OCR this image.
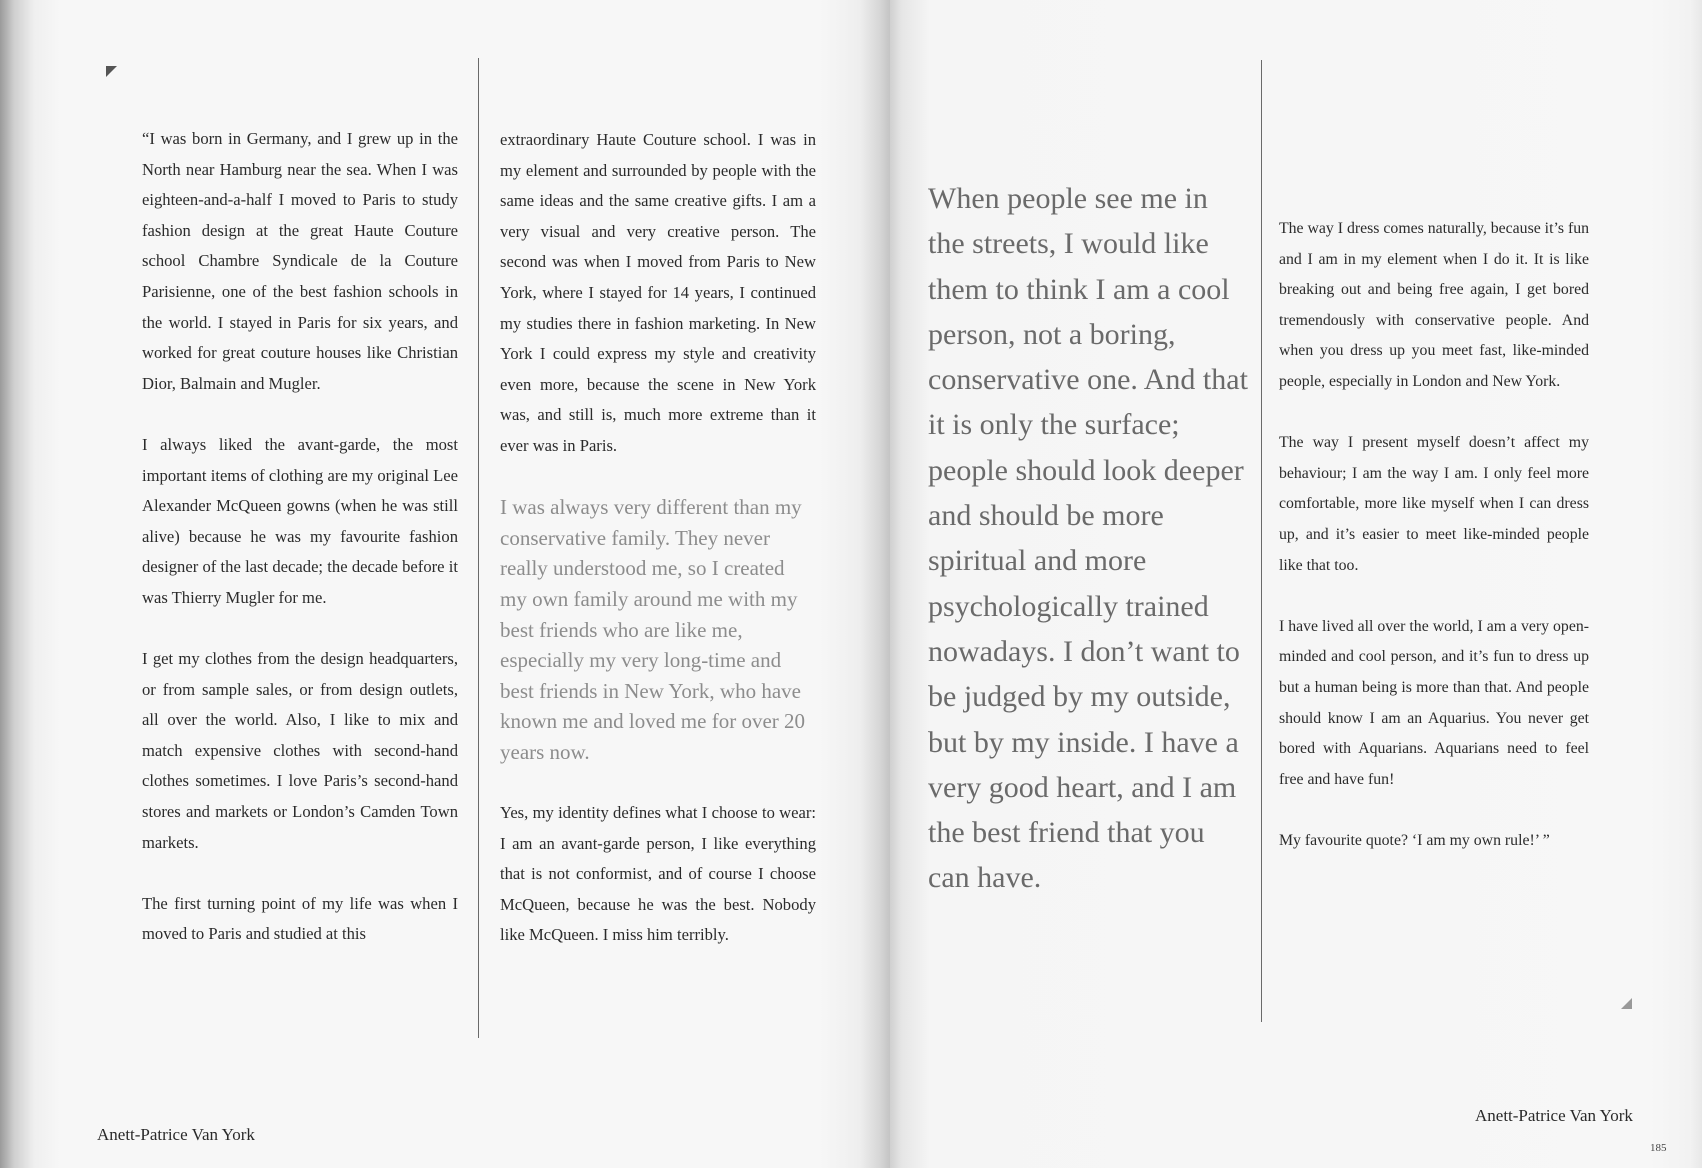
“I was born in Germany, and I grew up in the North near Hamburg near the sea. When I was eighteen-and-a-half I moved to Paris to study fashion design at the great Haute Couture school Chambre Syndicale de la Couture Parisienne, one of the best fashion schools in the world. I stayed in Paris for six years, and worked for great couture houses like Christian Dior, Balmain and Mugler.

I always liked the avant-garde, the most important items of clothing are my original Lee Alexander McQueen gowns (when he was still alive) because he was my favourite fashion designer of the last decade; the decade before it was Thierry Mugler for me.

I get my clothes from the design headquarters, or from sample sales, or from design outlets, all over the world. Also, I like to mix and match expensive clothes with second-hand clothes sometimes. I love Paris’s second-hand stores and markets or London’s Camden Town markets.

The first turning point of my life was when I moved to Paris and studied at this

extraordinary Haute Couture school. I was in my element and surrounded by people with the same ideas and the same creative gifts. I am a very visual and very creative person. The second was when I moved from Paris to New York, where I stayed for 14 years, I continued my studies there in fashion marketing. In New York I could express my style and creativity even more, because the scene in New York was, and still is, much more extreme than it ever was in Paris.

I was always very different than my conservative family. They never really understood me, so I created my own family around me with my best friends who are like me, especially my very long-time and best friends in New York, who have known me and loved me for over 20 years now.

Yes, my identity defines what I choose to wear: I am an avant-garde person, I like everything that is not conformist, and of course I choose McQueen, because he was the best. Nobody like McQueen. I miss him terribly.

Anett-Patrice Van York
When people see me in the streets, I would like them to think I am a cool person, not a boring, conservative one. And that it is only the surface; people should look deeper and should be more spiritual and more psychologically trained nowadays. I don’t want to be judged by my outside, but by my inside. I have a very good heart, and I am the best friend that you can have.

The way I dress comes naturally, because it’s fun and I am in my element when I do it. It is like breaking out and being free again, I get bored tremendously with conservative people. And when you dress up you meet fast, like-minded people, especially in London and New York.

The way I present myself doesn’t affect my behaviour; I am the way I am. I only feel more comfortable, more like myself when I can dress up, and it’s easier to meet like-minded people like that too.

I have lived all over the world, I am a very open-minded and cool person, and it’s fun to dress up but a human being is more than that. And people should know I am an Aquarius. You never get bored with Aquarians. Aquarians need to feel free and have fun!

My favourite quote? ‘I am my own rule!’ ”

Anett-Patrice Van York
185
